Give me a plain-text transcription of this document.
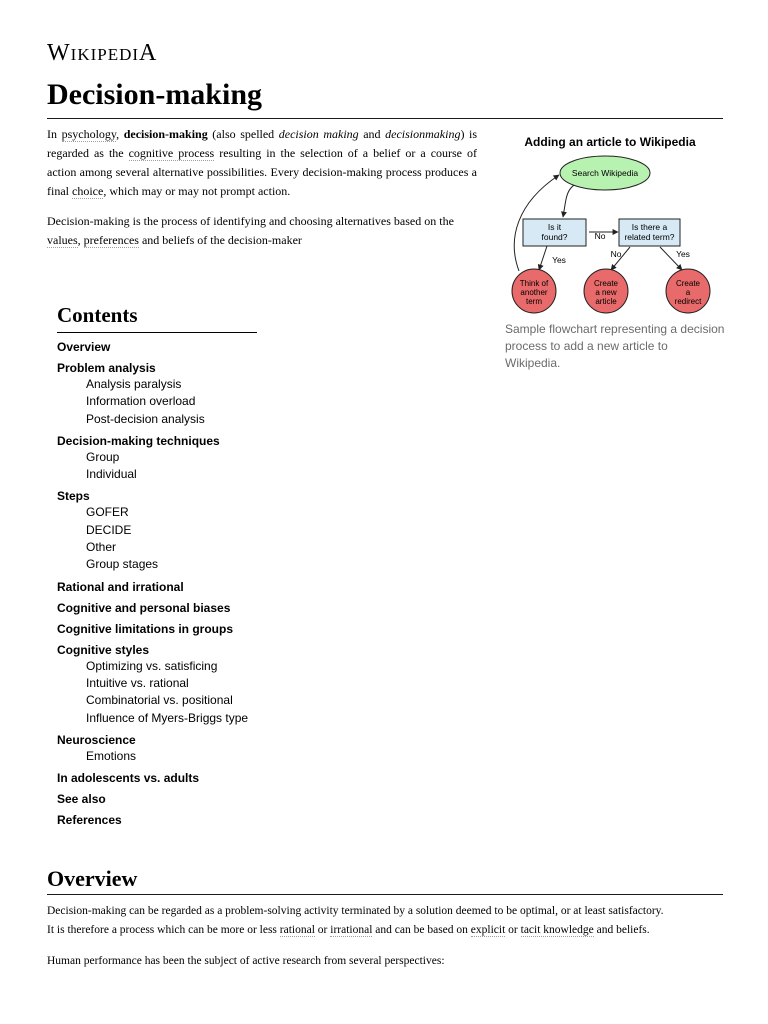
WIKIPEDIA
Decision-making

In psychology, decision-making (also spelled decision making and decisionmaking) is regarded as the cognitive process resulting in the selection of a belief or a course of action among several alternative possibilities. Every decision-making process produces a final choice, which may or may not prompt action.

Decision-making is the process of identifying and choosing alternatives based on the values, preferences and beliefs of the decision-maker

Adding an article to Wikipedia
Search Wikipedia
Is it
found?
Is there a
related term?
No
Yes
No	Yes
Think of
another
term
Create
a new
article
Create
a
redirect
Sample flowchart representing a decision process to add a new article to Wikipedia.
Contents
Overview
Problem analysis
Analysis paralysis
Information overload
Post-decision analysis
Decision-making techniques
Group
Individual
Steps
GOFER
DECIDE
Other
Group stages
Rational and irrational
Cognitive and personal biases
Cognitive limitations in groups
Cognitive styles
Optimizing vs. satisficing
Intuitive vs. rational
Combinatorial vs. positional
Influence of Myers-Briggs type
Neuroscience
Emotions
In adolescents vs. adults
See also
References
Overview

Decision-making can be regarded as a problem-solving activity terminated by a solution deemed to be optimal, or at least satisfactory.

It is therefore a process which can be more or less rational or irrational and can be based on explicit or tacit knowledge and beliefs.

Human performance has been the subject of active research from several perspectives:
